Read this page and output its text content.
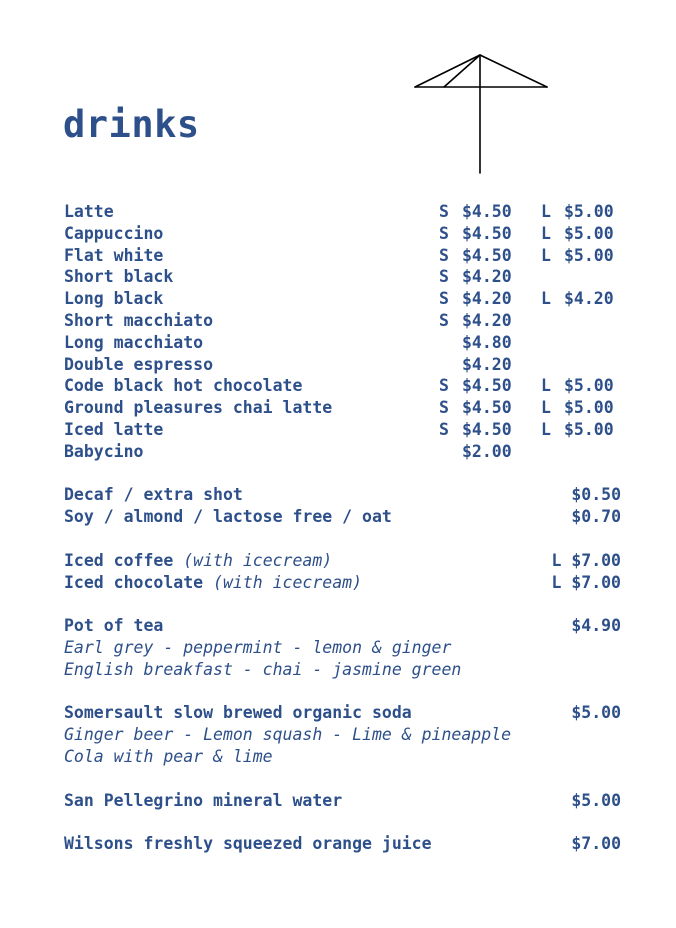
drinks
Latte	S $4.50 L $5.00
Cappuccino	S $4.50 L $5.00
Flat white	S $4.50 L $5.00
Short black	S $4.20
Long black	S $4.20 L $4.20
Short macchiato	S $4.20
Long macchiato	$4.80
Double espresso	$4.20
Code black hot chocolate	S $4.50 L $5.00
Ground pleasures chai latte	S $4.50 L $5.00
Iced latte	S $4.50 L $5.00
Babycino	$2.00
Decaf / extra shot	$0.50
Soy / almond / lactose free / oat	$0.70
Iced coffee (with icecream)	L $7.00
Iced chocolate (with icecream)	L $7.00
Pot of tea	$4.90
Earl grey - peppermint - lemon & ginger
English breakfast - chai - jasmine green
Somersault slow brewed organic soda	$5.00
Ginger beer - Lemon squash - Lime & pineapple
Cola with pear & lime
San Pellegrino mineral water	$5.00
Wilsons freshly squeezed orange juice	$7.00
